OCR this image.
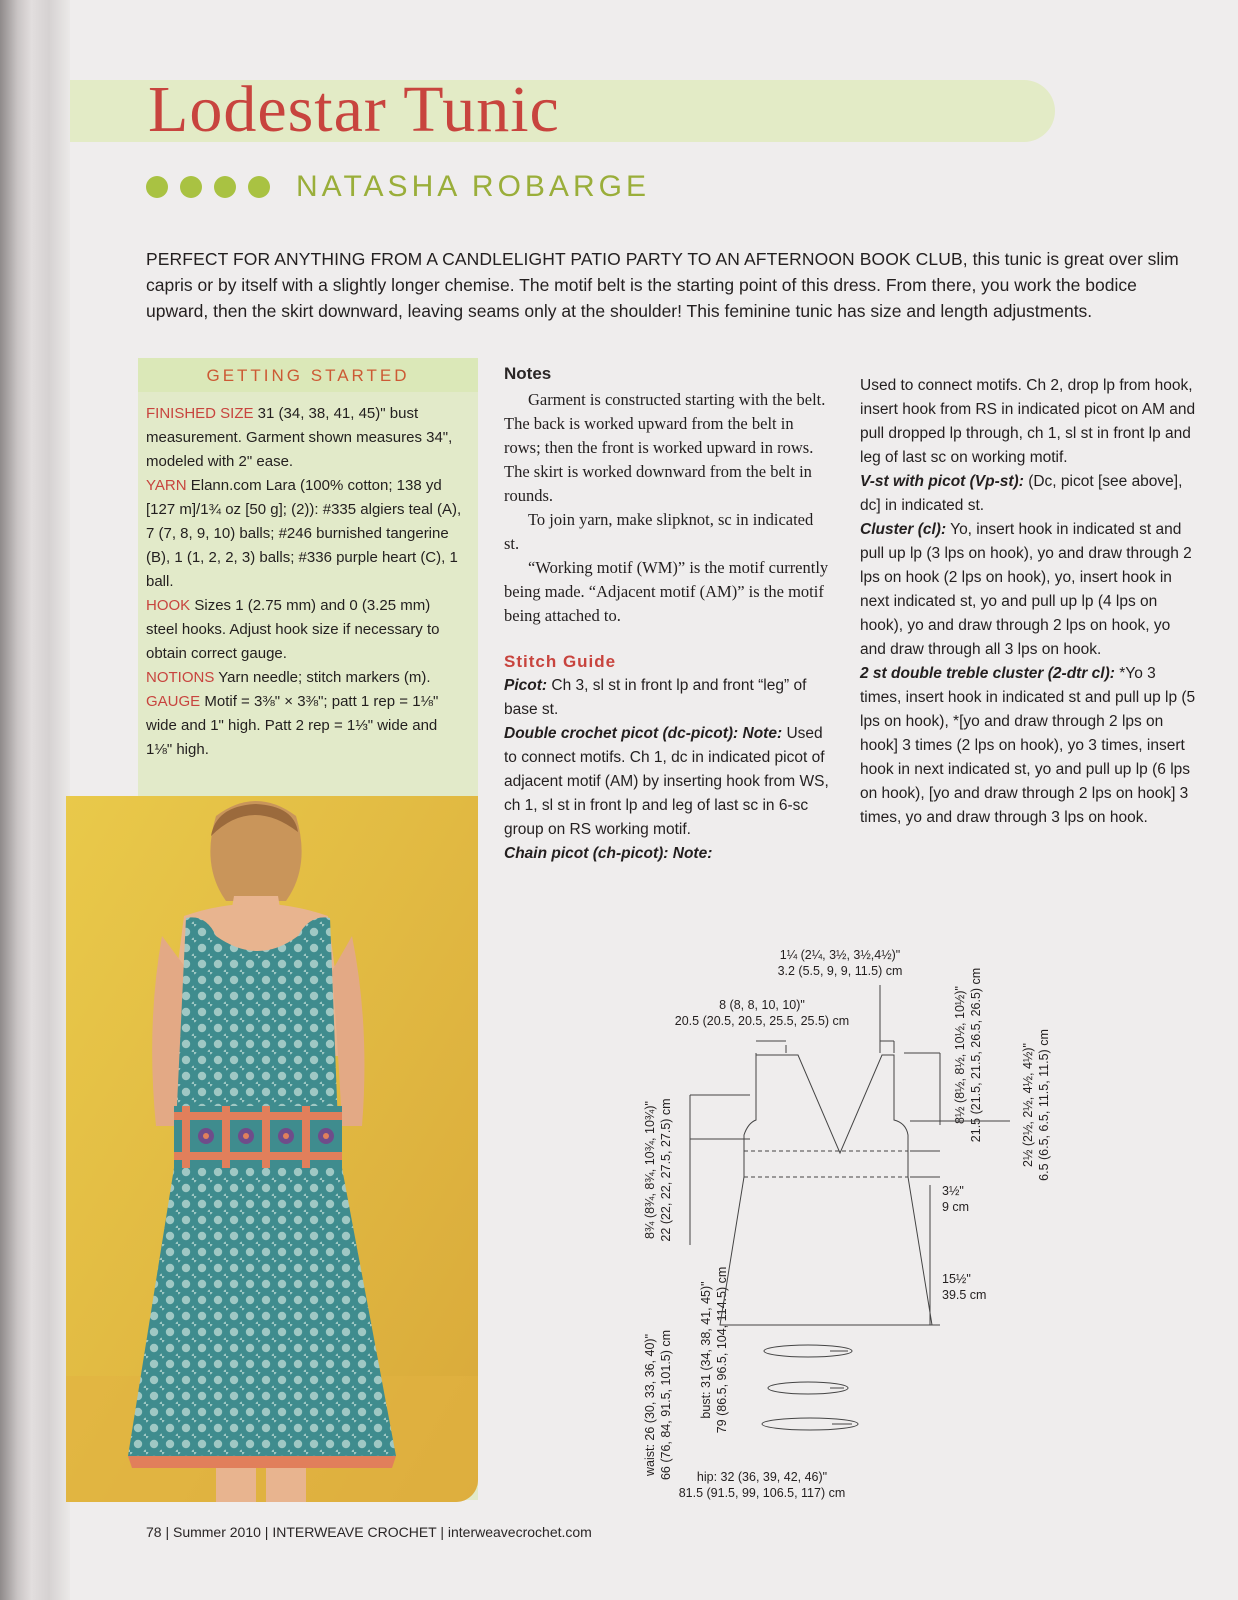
Lodestar Tunic
NATASHA ROBARGE
PERFECT FOR ANYTHING FROM A CANDLELIGHT PATIO PARTY TO AN AFTERNOON BOOK CLUB, this tunic is great over slim capris or by itself with a slightly longer chemise. The motif belt is the starting point of this dress. From there, you work the bodice upward, then the skirt downward, leaving seams only at the shoulder! This feminine tunic has size and length adjustments.
GETTING STARTED
FINISHED SIZE 31 (34, 38, 41, 45)" bust measurement. Garment shown measures 34", modeled with 2" ease.
YARN Elann.com Lara (100% cotton; 138 yd [127 m]/1¾ oz [50 g]; (2)): #335 algiers teal (A), 7 (7, 8, 9, 10) balls; #246 burnished tangerine (B), 1 (1, 2, 2, 3) balls; #336 purple heart (C), 1 ball.
HOOK Sizes 1 (2.75 mm) and 0 (3.25 mm) steel hooks. Adjust hook size if necessary to obtain correct gauge.
NOTIONS Yarn needle; stitch markers (m).
GAUGE Motif = 3⅜" × 3⅜"; patt 1 rep = 1⅛" wide and 1" high. Patt 2 rep = 1⅓" wide and 1⅛" high.
Notes

Garment is constructed starting with the belt. The back is worked upward from the belt in rows; then the front is worked upward in rows. The skirt is worked downward from the belt in rounds.

To join yarn, make slipknot, sc in indicated st.

“Working motif (WM)” is the motif currently being made. “Adjacent motif (AM)” is the motif being attached to.

Stitch Guide

Picot: Ch 3, sl st in front lp and front “leg” of base st.

Double crochet picot (dc-picot): Note: Used to connect motifs. Ch 1, dc in indicated picot of adjacent motif (AM) by inserting hook from WS, ch 1, sl st in front lp and leg of last sc in 6-sc group on RS working motif.

Chain picot (ch-picot): Note:

Used to connect motifs. Ch 2, drop lp from hook, insert hook from RS in indicated picot on AM and pull dropped lp through, ch 1, sl st in front lp and leg of last sc on working motif.

V-st with picot (Vp-st): (Dc, picot [see above], dc] in indicated st.

Cluster (cl): Yo, insert hook in indicated st and pull up lp (3 lps on hook), yo and draw through 2 lps on hook (2 lps on hook), yo, insert hook in next indicated st, yo and pull up lp (4 lps on hook), yo and draw through 2 lps on hook, yo and draw through all 3 lps on hook.

2 st double treble cluster (2-dtr cl): *Yo 3 times, insert hook in indicated st and pull up lp (5 lps on hook), *[yo and draw through 2 lps on hook] 3 times (2 lps on hook), yo 3 times, insert hook in next indicated st, yo and pull up lp (6 lps on hook), [yo and draw through 2 lps on hook] 3 times, yo and draw through 3 lps on hook.

1¼ (2¼, 3½, 3½,4½)"
3.2 (5.5, 9, 9, 11.5) cm
8 (8, 8, 10, 10)"
20.5 (20.5, 20.5, 25.5, 25.5) cm
8¾ (8¾, 8¾, 10¾, 10¾)" 22 (22, 22, 27.5, 27.5) cm
8½ (8½, 8½, 10½, 10½)" 21.5 (21.5, 21.5, 26.5, 26.5) cm	2½ (2½, 2½, 4½, 4½)" 6.5 (6.5, 6.5, 11.5, 11.5) cm
3½"
9 cm
15½"
39.5 cm
bust: 31 (34, 38, 41, 45)" 79 (86.5, 96.5, 104, 114.5) cm
waist: 26 (30, 33, 36, 40)" 66 (76, 84, 91.5, 101.5) cm hip: 32 (36, 39, 42, 46)"
81.5 (91.5, 99, 106.5, 117) cm
78 | Summer 2010 | INTERWEAVE CROCHET | interweavecrochet.com
